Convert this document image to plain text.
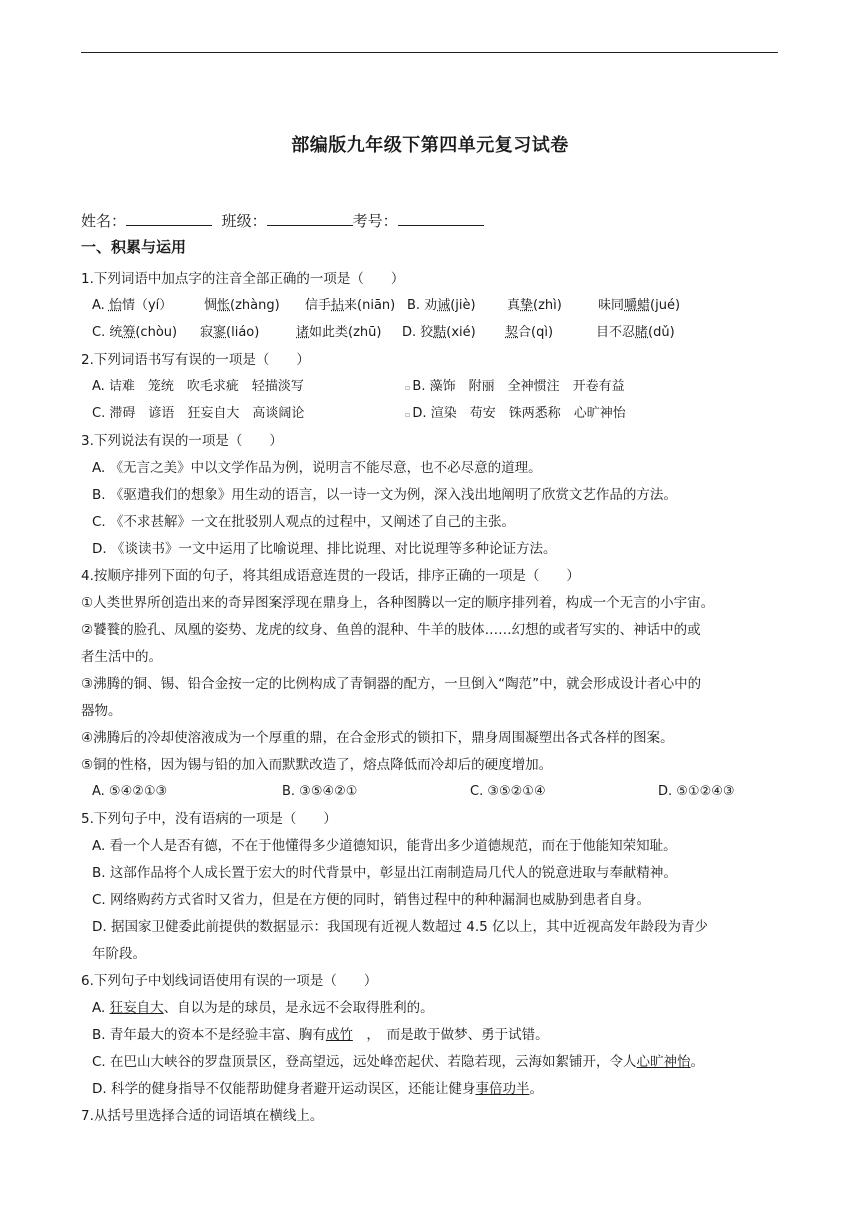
部编版九年级下第四单元复习试卷
姓名：	班级：	考号：
一、积累与运用
1.下列词语中加点字的注音全部正确的一项是（　　）
A. 怡情（yí） 惆怅(zhàng) 信手拈来(niān) B. 劝诫(jiè) 真挚(zhì)	味同嚼蜡(jué)
C. 统筹(chòu) 寂寥(liáo)	诸如此类(zhū) D. 狡黠(xié) 契合(qì)	目不忍睹(dǔ)
2.下列词语书写有误的一项是（　　）
A. 诘难　笼统　吹毛求疵　轻描淡写	▫ B. 藻饰　附丽　全神惯注　开卷有益
C. 滞碍　谚语　狂妄自大　高谈阔论	▫ D. 渲染　苟安　铢两悉称　心旷神怡
3.下列说法有误的一项是（　　）
A. 《无言之美》中以文学作品为例，说明言不能尽意，也不必尽意的道理。
B. 《驱遣我们的想象》用生动的语言，以一诗一文为例，深入浅出地阐明了欣赏文艺作品的方法。
C. 《不求甚解》一文在批驳别人观点的过程中，又阐述了自己的主张。
D. 《谈读书》一文中运用了比喻说理、排比说理、对比说理等多种论证方法。
4.按顺序排列下面的句子，将其组成语意连贯的一段话，排序正确的一项是（　　）
①人类世界所创造出来的奇异图案浮现在鼎身上，各种图腾以一定的顺序排列着，构成一个无言的小宇宙。
②饕餮的脸孔、凤凰的姿势、龙虎的纹身、鱼兽的混种、牛羊的肢体……幻想的或者写实的、神话中的或
者生活中的。
③沸腾的铜、锡、铅合金按一定的比例构成了青铜器的配方，一旦倒入“陶范”中，就会形成设计者心中的
器物。
④沸腾后的冷却使溶液成为一个厚重的鼎，在合金形式的锁扣下，鼎身周围凝塑出各式各样的图案。
⑤铜的性格，因为锡与铅的加入而默默改造了，熔点降低而冷却后的硬度增加。
A. ⑤④②①③	B. ③⑤④②①	C. ③⑤②①④	D. ⑤①②④③
5.下列句子中，没有语病的一项是（　　）
A. 看一个人是否有德，不在于他懂得多少道德知识，能背出多少道德规范，而在于他能知荣知耻。
B. 这部作品将个人成长置于宏大的时代背景中，彰显出江南制造局几代人的锐意进取与奉献精神。
C. 网络购药方式省时又省力，但是在方便的同时，销售过程中的种种漏洞也威胁到患者自身。
D. 据国家卫健委此前提供的数据显示：我国现有近视人数超过 4.5 亿以上，其中近视高发年龄段为青少
年阶段。
6.下列句子中划线词语使用有误的一项是（　　）
A. 狂妄自大、自以为是的球员，是永远不会取得胜利的。
B. 青年最大的资本不是经验丰富、胸有成竹　，　而是敢于做梦、勇于试错。
C. 在巴山大峡谷的罗盘顶景区，登高望远，远处峰峦起伏、若隐若现，云海如絮铺开，令人心旷神怡。
D. 科学的健身指导不仅能帮助健身者避开运动误区，还能让健身事倍功半。
7.从括号里选择合适的词语填在横线上。
